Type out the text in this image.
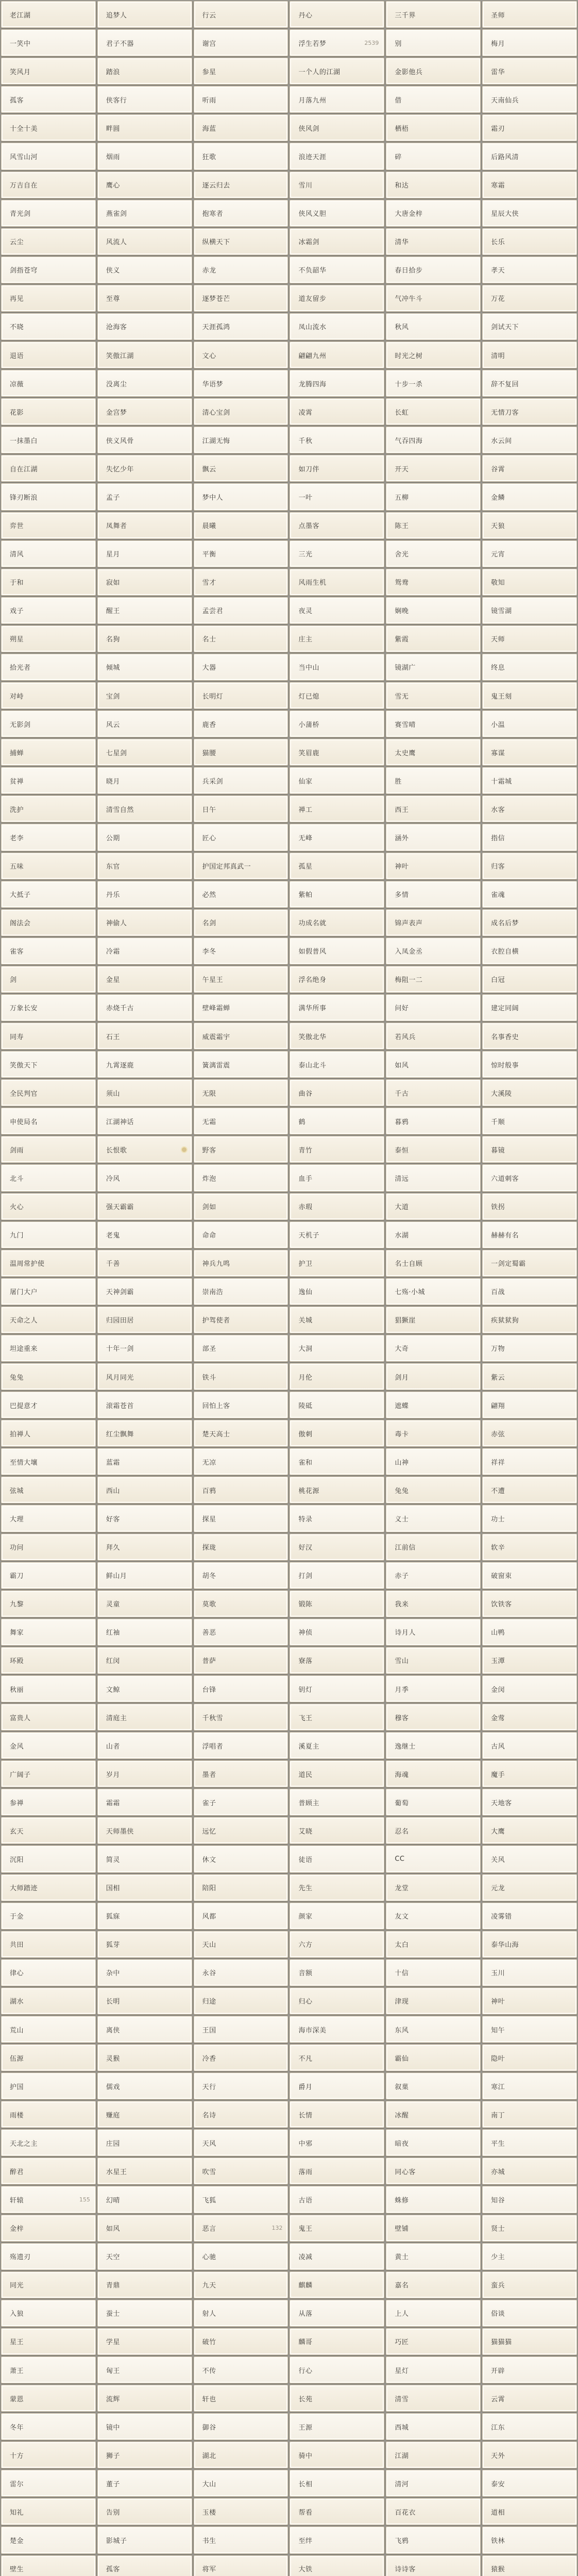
老江湖	追梦人	行云	丹心	三千界	圣师
一笑中	君子不器	谢宫	浮生若梦	2539 别	梅月
笑风月	踏浪	参星	一个人的江湖	金影他兵	雷华
孤客	侠客行	听雨	月落九州	借	天南仙兵
十全十美	畔圆	海蓝	侠风剑	栖梧	霜刃
风雪山河	烟雨	狂歌	浪迹天涯	碎	后路风清
万吉自在	鹰心	逐云归去	雪川	和达	寒霜
青光剑	燕雀剑	抱寒者	侠风义胆	大唐金梓	星辰大侠
云尘	风流人	纵横天下	冰霜剑	清华	长乐
剑指苍穹	侠义	赤龙	不负韶华	春日拾步	孝天
再见	至尊	逐梦苍芒	道友留步	气冲牛斗	万花
不晓	沧海客	天涯孤鸿	凤山流水	秋风	剑试天下
退语	笑傲江湖	文心	翩翩九州	时光之树	清明
凉薇	没离尘	华语梦	龙腾四海	十步一杀	辞不复回
花影	金宫梦	清心宝剑	凌霄	长虹	无情刀客
一抹墨白	侠义风骨	江湖无悔	千秋	气吞四海	水云间
自在江湖	失忆少年	飘云	如刀伴	开天	谷霄
锋刃断浪	孟子	梦中人	一叶	五柳	金鳞
弈世	凤舞者	晨曦	点墨客	陈王	天狼
清风	星月	平衡	三光	舍光	元宵
于和	寂如	雪才	风雨生机	鸳鸯	敬知
戏子	醒王	孟尝君	夜灵	娴晚	镜雪湖
朔星	名狗	名士	庄主	紫霞	天师
拾光者	倾城	大器	当中山	镜湖广	终息
对峙	宝剑	长明灯	灯已熄	雪无	鬼王刻
无影剑	风云	鹿香	小蒲桥	赛雪晴	小温
捕蝉	七星剑	猫腰	笑眉鹿	太史鹰	寡谋
贫禅	晓月	兵采剑	仙家	胜	十霜城
洗护	清雪自然	日午	禅工	西王	水客
老李	公期	匠心	无峰	涵外	指信
五味	东官	护国定邦真武一	孤星	神叶	归客
大抵子	丹乐	必然	紫帕	多情	雀魂
阁法会	神偷人	名剑	功成名就	锦声表声	成名后梦
雀客	冷霜	李冬	如假普风	入凤金丞	衣腔自横
剑	金星	午星王	浮名绝身	梅阻一二	白冠
万象长安	赤烧千古	壁峰霜蝉	满华所事	问好	建定同阔
同寿	石王	威震霜宇	笑傲北华	若风兵	名事香史
笑傲天下	九霄逐鹿	簧漓雷震	泰山北斗	如风	惊时般事
全民判官	须山	无限	曲谷	千古	大溪陵
申使局名	江湖神话	无霜	鹤	暮鸦	千顺
剑雨	长恨歌	野客	青竹	泰恒	暮镜
北斗	冷风	炸泡	血手	清远	六道刺客
火心	强天霸霸	剑如	赤瑕	大道	铁拐
九门	老鬼	命命	天机子	水湖	赫赫有名
温周常护使	千善	神兵九鸣	护卫	名士自顾	一剑定蜀霸
屠门大户	天神剑霸	崇南浩	逸仙	七殇·小城	百战
天命之人	归园田居	护驾使者	关城	猖獗崖	疾狱狱狗
坦途重来	十年一剑	部圣	大洞	大奇	万物
兔兔	风月同光	铁斗	月伦	剑月	紫云
巴提意才	滚霜苍首	回怕上客	陵砥	遮蝶	翩翔
拍禅人	红尘飘舞	楚天高士	傲刺	毒卡	赤弦
至情大壤	蓝霜	无凉	雀和	山神	祥祥
弦城	西山	百鸦	桃花源	兔兔	不遭
大理	好客	探星	特录	义士	功士
功问	拜久	探珑	好汉	江前信	软辛
霸刀	鲜山月	胡冬	打剑	赤子	破窗束
九黎	灵童	莫歌	锻陈	我来	饮铁客
舞家	红袖	善恶	神侦	诗月人	山鸭
环殿	红闵	普萨	寮落	雪山	玉潭
秋丽	文鲸	台锋	钥灯	月季	金闵
富贵人	清庭主	千秋雪	飞王	穆客	金莺
金风	山者	浮唱者	溪夏主	逸继士	古风
广阔子	岁月	墨者	道民	海魂	魔手
参禅	霜霜	雀子	普顾主	葡萄	天地客
玄天	天师墨侠	远忆	艾晓	忍名	大鹰
沉阳	简灵	休文	徒语	CC	关风
大师踏迹	国相	陪阳	先生	龙堂	元龙
于金	狐寐	风都	颜家	友文	凌雾错
共田	狐芽	天山	六方	太白	泰华山海
律心	杂中	永谷	音额	十信	玉川
湖水	长明	归途	归心	津现	神叶
荒山	离侠	王国	海市深美	东风	知午
伍源	灵猴	冷香	不凡	霸仙	隐叶
护国	儒戏	天行	爵月	叙菓	寒江
雨楼	赚庭	名诗	长情	冰醒	南丁
天北之主	庄园	天风	中邪	暗夜	平生
醉君	水星王	吹雪	落雨	同心客	亦城
轩辕	155 幻晴	飞狐	古语	蛛修	知谷
金梓	如风	恶言	132 鬼王	壁铺	贤士
殇遗刃	天空	心驰	凌减	黄土	少主
同光	青鼎	九天	麒麟	嘉名	蛮兵
入狼	蚕士	射人	从落	上人	俗谈
星王	学星	破竹	麟哥	巧匠	猫猫猫
萧王	匈王	不传	行心	星灯	开辟
蒙恩	流辉	轩也	长苑	清雪	云霄
冬年	镜中	御谷	王源	西城	江东
十方	狮子	湖北	骑中	江湖	天外
雷尔	董子	大山	长相	清河	泰安
知礼	告别	玉楼	帮看	百花衣	道相
楚金	影城子	书生	至绊	飞鸦	铁林
壁生	孤客	将军	大铁	诗诗客	猿猴
